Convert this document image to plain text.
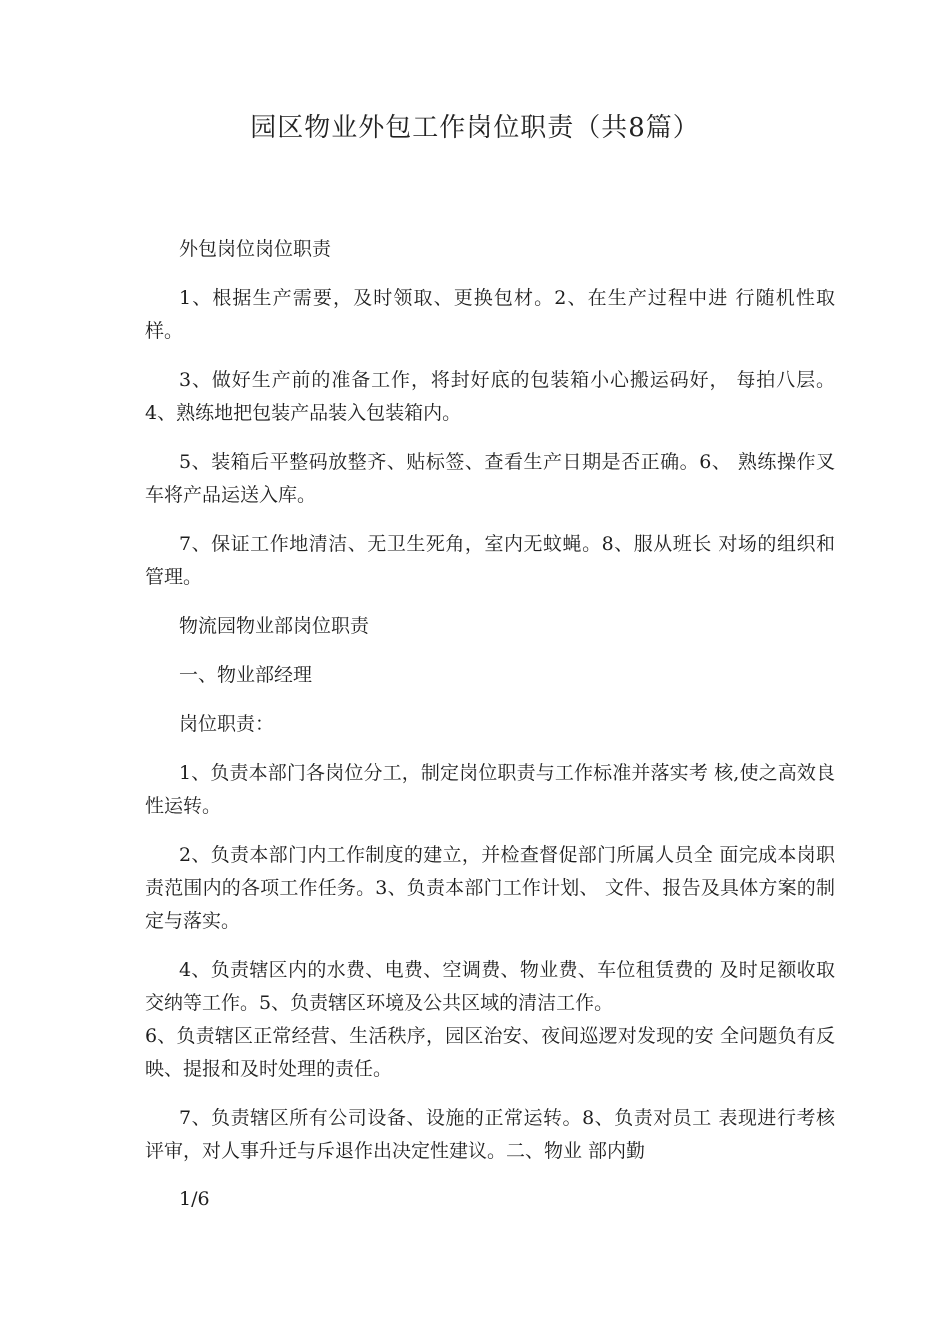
园区物业外包工作岗位职责（共8篇）

外包岗位岗位职责

1、根据生产需要，及时领取、更换包材。2、在生产过程中进 行随机性取样。

3、做好生产前的准备工作，将封好底的包装箱小心搬运码好， 每拍八层。4、熟练地把包装产品装入包装箱内。

5、装箱后平整码放整齐、贴标签、查看生产日期是否正确。6、 熟练操作叉车将产品运送入库。

7、保证工作地清洁、无卫生死角，室内无蚊蝇。8、服从班长 对场的组织和管理。

物流园物业部岗位职责

一、物业部经理

岗位职责：

1、负责本部门各岗位分工，制定岗位职责与工作标准并落实考 核,使之高效良性运转。

2、负责本部门内工作制度的建立，并检查督促部门所属人员全 面完成本岗职责范围内的各项工作任务。3、负责本部门工作计划、 文件、报告及具体方案的制定与落实。

4、负责辖区内的水费、电费、空调费、物业费、车位租赁费的 及时足额收取交纳等工作。5、负责辖区环境及公共区域的清洁工作。

6、负责辖区正常经营、生活秩序，园区治安、夜间巡逻对发现的安 全问题负有反映、提报和及时处理的责任。

7、负责辖区所有公司设备、设施的正常运转。8、负责对员工 表现进行考核评审，对人事升迁与斥退作出决定性建议。二、物业 部内勤

1/6
